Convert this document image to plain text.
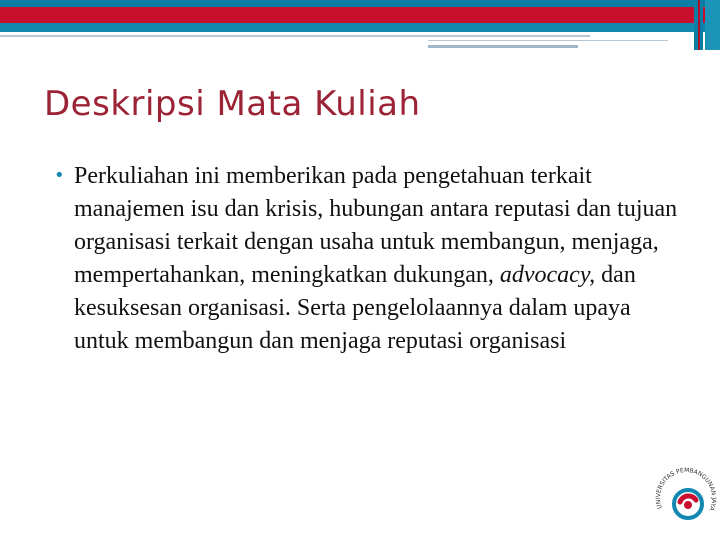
Deskripsi Mata Kuliah
• Perkuliahan ini memberikan pada pengetahuan terkait manajemen isu dan krisis, hubungan antara reputasi dan tujuan organisasi terkait dengan usaha untuk membangun, menjaga, mempertahankan, meningkatkan dukungan, advocacy, dan kesuksesan organisasi. Serta pengelolaannya dalam upaya untuk membangun dan menjaga reputasi organisasi
UNIVERSITAS PEMBANGUNAN JAYA
